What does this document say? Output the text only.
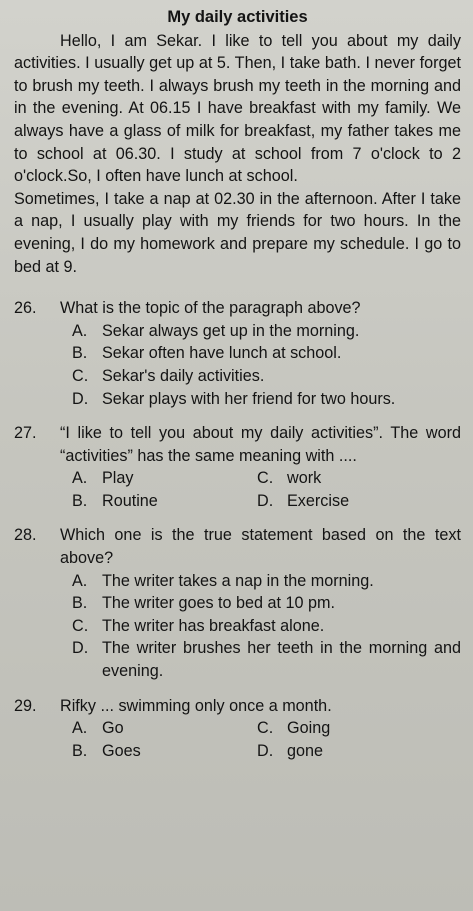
My daily activities

Hello, I am Sekar. I like to tell you about my daily activities. I usually get up at 5. Then, I take bath. I never forget to brush my teeth. I always brush my teeth in the morning and in the evening. At 06.15 I have breakfast with my family. We always have a glass of milk for breakfast, my father takes me to school at 06.30. I study at school from 7 o'clock to 2 o'clock.So, I often have lunch at school.

Sometimes, I take a nap at 02.30 in the afternoon. After I take a nap, I usually play with my friends for two hours. In the evening, I do my homework and prepare my schedule. I go to bed at 9.

26.	What is the topic of the paragraph above?
A. Sekar always get up in the morning.
B. Sekar often have lunch at school.
C. Sekar's daily activities.
D. Sekar plays with her friend for two hours.
27.	“I like to tell you about my daily activities”. The word “activities” has the same meaning with ....
A. Play	C. work
B. Routine	D. Exercise
28.	Which one is the true statement based on the text above?
A. The writer takes a nap in the morning.
B. The writer goes to bed at 10 pm.
C. The writer has breakfast alone.
D. The writer brushes her teeth in the morning and evening.
29.	Rifky ... swimming only once a month.
A. Go	C. Going
B. Goes	D. gone
